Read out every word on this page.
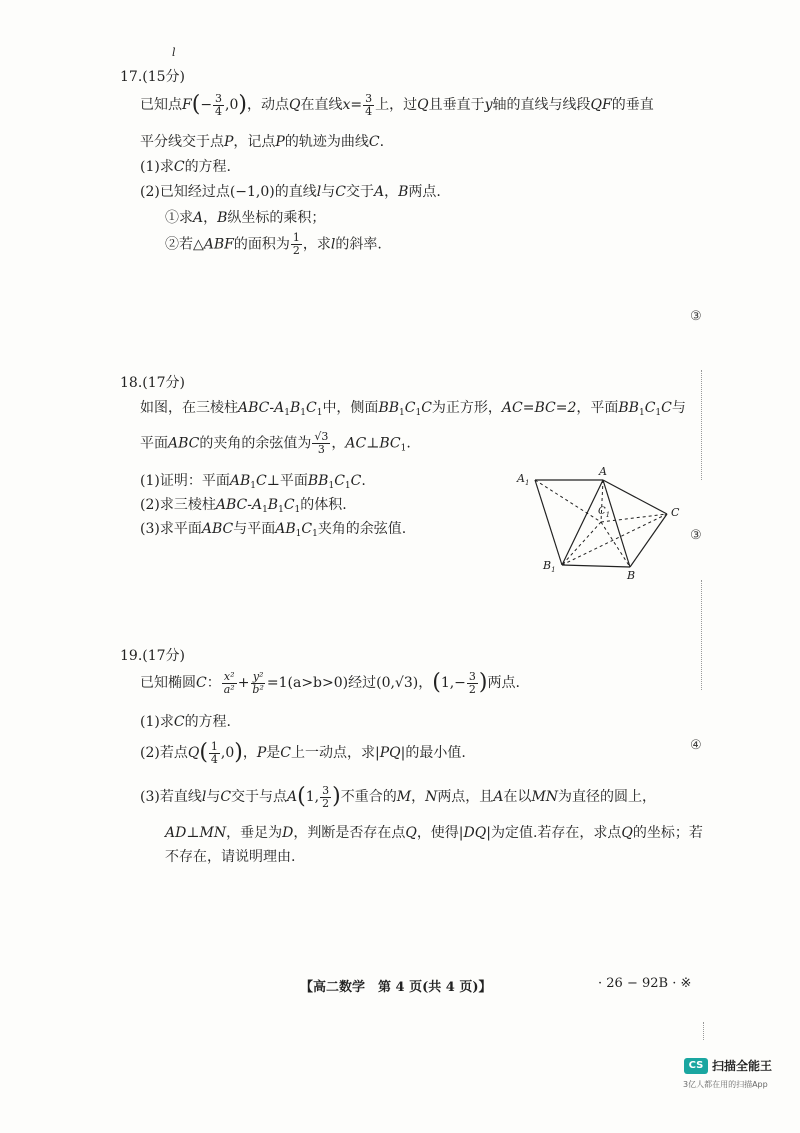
l
17.(15分)
已知点$F(- \frac{3}{4} ,0)$，动点Q在直线$x= \frac{3}{4}$ 上，过Q且垂直于y轴的直线与线段QF的垂直
平分线交于点P，记点P的轨迹为曲线C.
(1)求C的方程.
(2)已知经过点(−1,0)的直线l与C交于A，B两点.
①求A，B纵坐标的乘积；
②若△ABF的面积为 $\frac{1}{2}$ ，求l的斜率.
18.(17分)
如图，在三棱柱ABC-$A_1B_1C_1$中，侧面$BB_1C_1C$为正方形，AC=BC=2，平面$BB_1C_1C$与
平面ABC的夹角的余弦值为 $\frac{√3}{3}$ ，$AC\perp BC_1$.
(1)证明：平面$AB_1C\perp$平面$BB_1C_1C$.
(2)求三棱柱ABC-$A_1B_1C_1$的体积.
(3)求平面ABC与平面$AB_1C_1$夹角的余弦值.
$A_1$
A
$C_1$	C
$B_1$	B
19.(17分)
已知椭圆C： $\frac{\text{x²}}{\text{a²}} + \frac{\text{y²}}{\text{b²}} =1(a>b>0)$经过(0,√3)，($1,- \frac{3}{2}$ )两点.
(1)求C的方程.
(2)若点$Q( \frac{1}{4} ,0)$，P是C上一动点，求|PQ|的最小值.
(3)若直线l与C交于与点A(1, $\frac{3}{2}$ )不重合的M，N两点，且A在以MN为直径的圆上，
AD⊥MN，垂足为D，判断是否存在点Q，使得|DQ|为定值.若存在，求点Q的坐标；若
不存在，请说明理由.
【高二数学　第 4 页(共 4 页)】	· 26 − 92B · ※
③
③
④
CS 扫描全能王
3亿人都在用的扫描App
